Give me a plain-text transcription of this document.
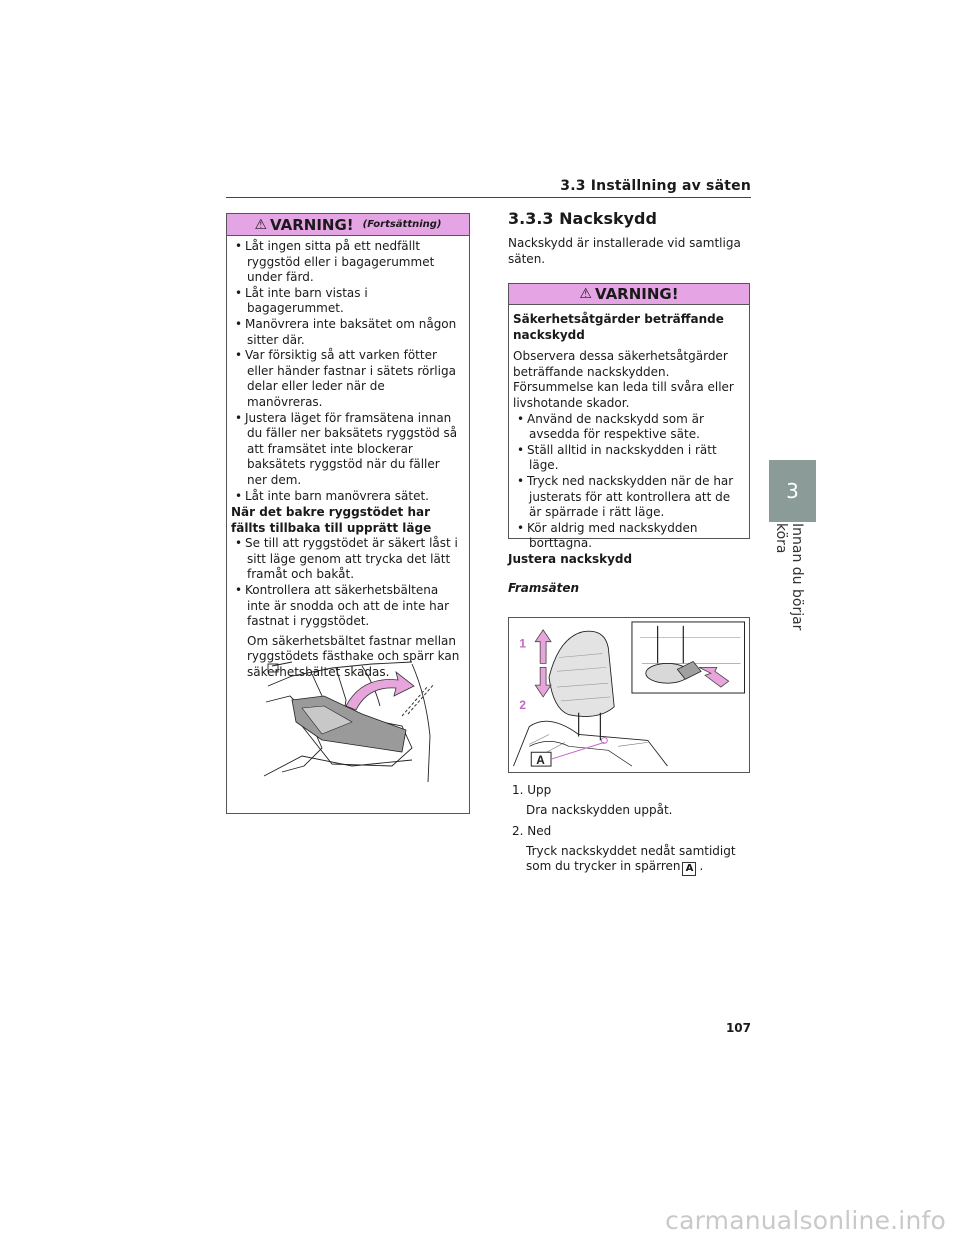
3.3 Inställning av säten
3
Innan du börjar köra
⚠ VARNING! (Fortsättning)
• Låt ingen sitta på ett nedfällt ryggstöd eller i bagagerummet under färd.
• Låt inte barn vistas i bagagerummet.
• Manövrera inte baksätet om någon sitter där.
• Var försiktig så att varken fötter eller händer fastnar i sätets rörliga delar eller leder när de manövreras.
• Justera läget för framsätena innan du fäller ner baksätets ryggstöd så att framsätet inte blockerar baksätets ryggstöd när du fäller ner dem.
• Låt inte barn manövrera sätet.
När det bakre ryggstödet har fällts tillbaka till upprätt läge
• Se till att ryggstödet är säkert låst i sitt läge genom att trycka det lätt framåt och bakåt.
• Kontrollera att säkerhetsbältena inte är snodda och att de inte har fastnat i ryggstödet.
Om säkerhetsbältet fastnar mellan ryggstödets fästhake och spärr kan säkerhetsbältet skadas.
3.3.3 Nackskydd
Nackskydd är installerade vid samtliga säten.
⚠ VARNING!
Säkerhetsåtgärder beträffande nackskydd
Observera dessa säkerhetsåtgärder beträffande nackskydden. Försummelse kan leda till svåra eller livshotande skador.
• Använd de nackskydd som är avsedda för respektive säte.
• Ställ alltid in nackskydden i rätt läge.
• Tryck ned nackskydden när de har justerats för att kontrollera att de är spärrade i rätt läge.
• Kör aldrig med nackskydden borttagna.
Justera nackskydd
Framsäten
1
2
A
1. Upp
Dra nackskydden uppåt.
2. Ned
Tryck nackskyddet nedåt samtidigt som du trycker in spärren A .
107
carmanualsonline.info
